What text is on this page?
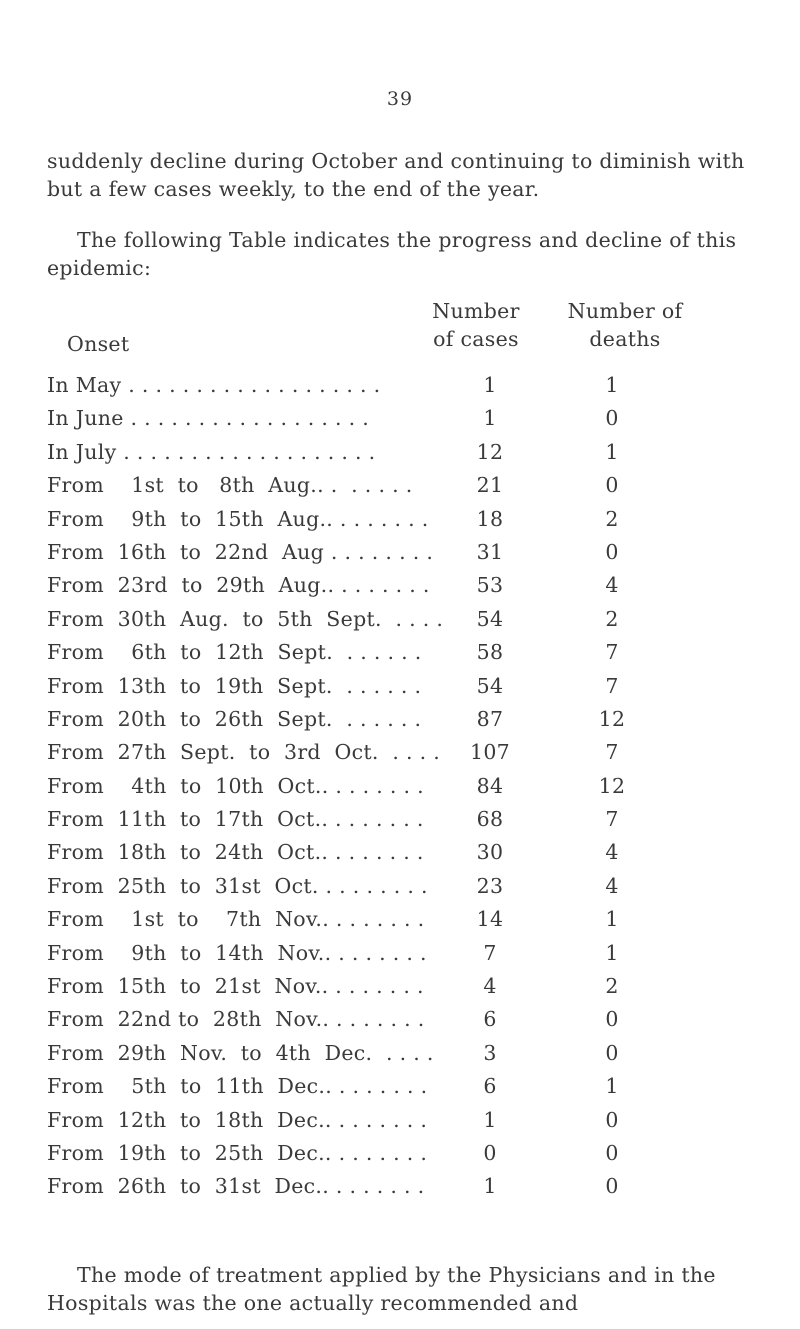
39
suddenly decline during October and continuing to diminish with but a few cases weekly, to the end of the year.
The following Table indicates the progress and decline of this epidemic:
Onset
Number of cases
Number of deaths
In May . . . . . . . . . . . . . . . . . . .	1	1
In June . . . . . . . . . . . . . . . . . .	1	0
In July . . . . . . . . . . . . . . . . . . .	12	1
From    1st  to   8th  Aug.. .  . . . . .	21	0
From    9th  to  15th  Aug.. . . . . . . .	18	2
From  16th  to  22nd  Aug . . . . . . . .	31	0
From  23rd  to  29th  Aug.. . . . . . . .	53	4
From  30th  Aug.  to  5th  Sept.  . . . .	54	2
From    6th  to  12th  Sept.  . . . . . .	58	7
From  13th  to  19th  Sept.  . . . . . .	54	7
From  20th  to  26th  Sept.  . . . . . .	87	12
From  27th  Sept.  to  3rd  Oct.  . . . .	107	7
From    4th  to  10th  Oct.. . . . . . . .	84	12
From  11th  to  17th  Oct.. . . . . . . .	68	7
From  18th  to  24th  Oct.. . . . . . . .	30	4
From  25th  to  31st  Oct. . . . . . . . .	23	4
From    1st  to    7th  Nov.. . . . . . . .	14	1
From    9th  to  14th  Nov.. . . . . . . .	7	1
From  15th  to  21st  Nov.. . . . . . . .	4	2
From  22nd to  28th  Nov.. . . . . . . .	6	0
From  29th  Nov.  to  4th  Dec.  . . . .	3	0
From    5th  to  11th  Dec.. . . . . . . .	6	1
From  12th  to  18th  Dec.. . . . . . . .	1	0
From  19th  to  25th  Dec.. . . . . . . .	0	0
From  26th  to  31st  Dec.. . . . . . . .	1	0
The mode of treatment applied by the Physicians and in the Hospitals was the one actually recommended and
